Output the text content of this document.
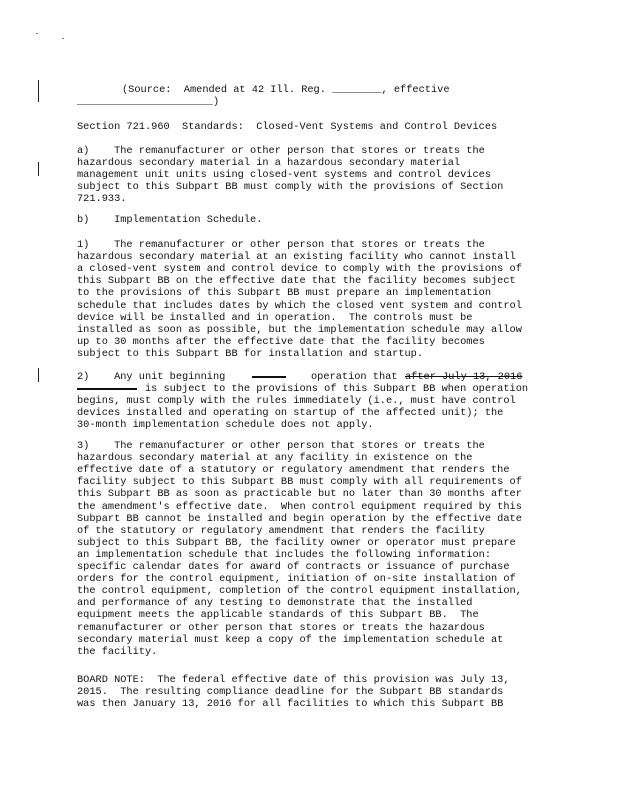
(Source:  Amended at 42 Ill. Reg. ________, effective
______________________)
Section 721.960  Standards:  Closed-Vent Systems and Control Devices
a)    The remanufacturer or other person that stores or treats the
hazardous secondary material in a hazardous secondary material
management unit units using closed-vent systems and control devices
subject to this Subpart BB must comply with the provisions of Section
721.933.
b)    Implementation Schedule.
1)    The remanufacturer or other person that stores or treats the
hazardous secondary material at an existing facility who cannot install
a closed-vent system and control device to comply with the provisions of
this Subpart BB on the effective date that the facility becomes subject
to the provisions of this Subpart BB must prepare an implementation
schedule that includes dates by which the closed vent system and control
device will be installed and in operation.  The controls must be
installed as soon as possible, but the implementation schedule may allow
up to 30 months after the effective date that the facility becomes
subject to this Subpart BB for installation and startup.
2)    Any unit beginning	operation that after July 13, 2016
is subject to the provisions of this Subpart BB when operation
begins, must comply with the rules immediately (i.e., must have control
devices installed and operating on startup of the affected unit); the
30-month implementation schedule does not apply.
3)    The remanufacturer or other person that stores or treats the
hazardous secondary material at any facility in existence on the
effective date of a statutory or regulatory amendment that renders the
facility subject to this Subpart BB must comply with all requirements of
this Subpart BB as soon as practicable but no later than 30 months after
the amendment's effective date.  When control equipment required by this
Subpart BB cannot be installed and begin operation by the effective date
of the statutory or regulatory amendment that renders the facility
subject to this Subpart BB, the facility owner or operator must prepare
an implementation schedule that includes the following information:
specific calendar dates for award of contracts or issuance of purchase
orders for the control equipment, initiation of on-site installation of
the control equipment, completion of the control equipment installation,
and performance of any testing to demonstrate that the installed
equipment meets the applicable standards of this Subpart BB.  The
remanufacturer or other person that stores or treats the hazardous
secondary material must keep a copy of the implementation schedule at
the facility.
BOARD NOTE:  The federal effective date of this provision was July 13,
2015.  The resulting compliance deadline for the Subpart BB standards
was then January 13, 2016 for all facilities to which this Subpart BB
